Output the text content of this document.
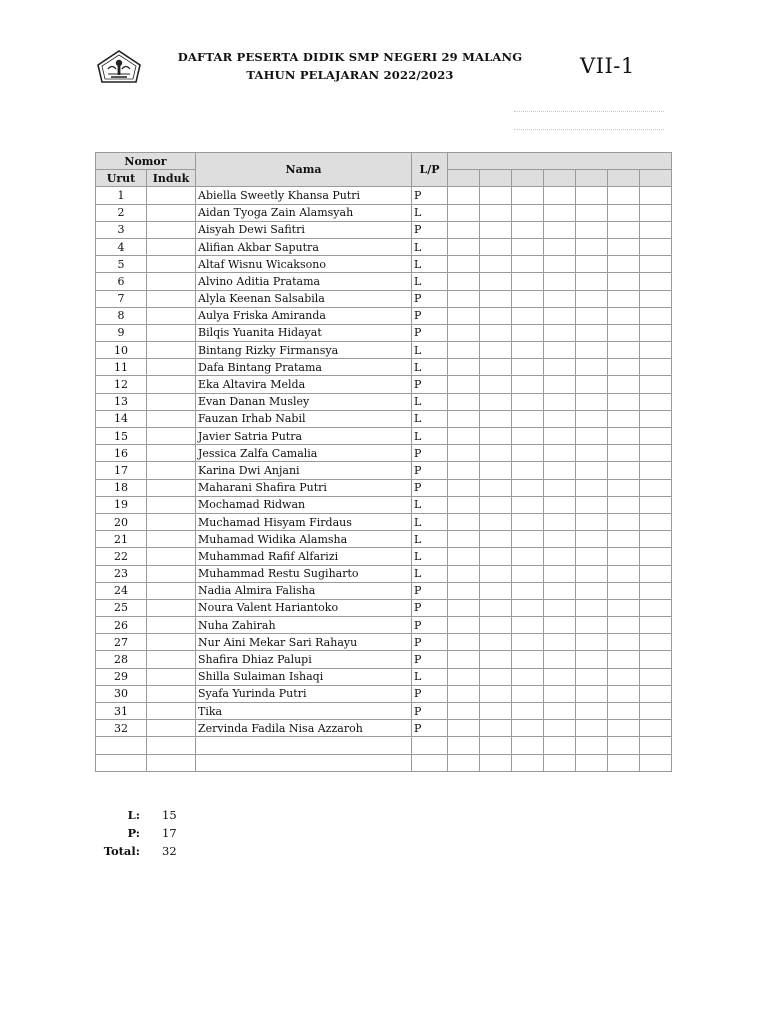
DAFTAR PESERTA DIDIK SMP NEGERI 29 MALANG
TAHUN PELAJARAN 2022/2023	VII-1
Nomor		Nama	L/P							
Urut	Induk									
1		Abiella Sweetly Khansa Putri	P							
2		Aidan Tyoga Zain Alamsyah	L							
3		Aisyah Dewi Safitri	P							
4		Alifian Akbar Saputra	L							
5		Altaf Wisnu Wicaksono	L							
6		Alvino Aditia Pratama	L							
7		Alyla Keenan Salsabila	P							
8		Aulya Friska Amiranda	P							
9		Bilqis Yuanita Hidayat	P							
10		Bintang Rizky Firmansya	L							
11		Dafa Bintang Pratama	L							
12		Eka Altavira Melda	P							
13		Evan Danan Musley	L							
14		Fauzan Irhab Nabil	L							
15		Javier Satria Putra	L							
16		Jessica Zalfa Camalia	P							
17		Karina Dwi Anjani	P							
18		Maharani Shafira Putri	P							
19		Mochamad Ridwan	L							
20		Muchamad Hisyam Firdaus	L							
21		Muhamad Widika Alamsha	L							
22		Muhammad Rafif Alfarizi	L							
23		Muhammad Restu Sugiharto	L							
24		Nadia Almira Falisha	P							
25		Noura Valent Hariantoko	P							
26		Nuha Zahirah	P							
27		Nur Aini Mekar Sari Rahayu	P							
28		Shafira Dhiaz Palupi	P							
29		Shilla Sulaiman Ishaqi	L							
30		Syafa Yurinda Putri	P							
31		Tika	P							
32		Zervinda Fadila Nisa Azzaroh	P							

L:	15
P:	17
Total:	32
